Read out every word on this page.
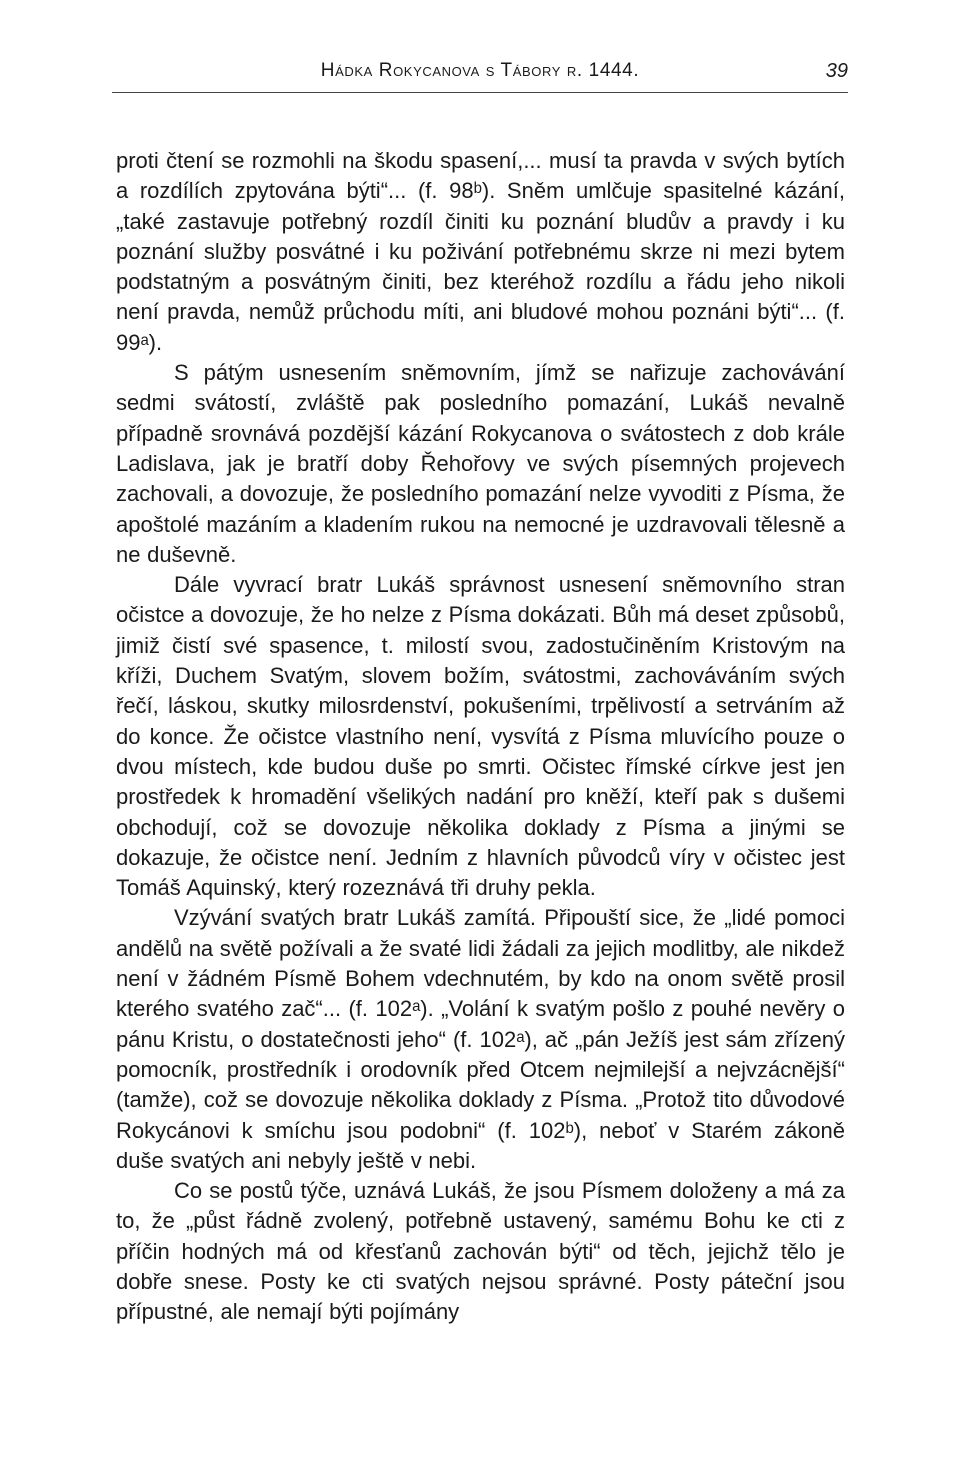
Hádka Rokycanova s Tábory r. 1444.	39

proti čtení se rozmohli na škodu spasení,... musí ta pravda v svých bytích a rozdílích zpytována býti“... (f. 98ᵇ). Sněm umlčuje spasitelné kázání, „také zastavuje potřebný rozdíl činiti ku poznání bludův a pravdy i ku poznání služby posvátné i ku poživání potřebnému skrze ni mezi bytem podstatným a posvátným činiti, bez kteréhož rozdílu a řádu jeho nikoli není pravda, nemůž průchodu míti, ani bludové mohou poznáni býti“... (f. 99ᵃ).

S pátým usnesením sněmovním, jímž se nařizuje zachovávání sedmi svátostí, zvláště pak posledního pomazání, Lukáš nevalně případně srovnává pozdější kázání Rokycanova o svátostech z dob krále Ladislava, jak je bratří doby Řehořovy ve svých písemných projevech zachovali, a dovozuje, že posledního pomazání nelze vyvoditi z Písma, že apoštolé mazáním a kladením rukou na nemocné je uzdravovali tělesně a ne duševně.

Dále vyvrací bratr Lukáš správnost usnesení sněmovního stran očistce a dovozuje, že ho nelze z Písma dokázati. Bůh má deset způsobů, jimiž čistí své spasence, t. milostí svou, zadostučiněním Kristovým na kříži, Duchem Svatým, slovem božím, svátostmi, zachováváním svých řečí, láskou, skutky milosrdenství, pokušeními, trpělivostí a setrváním až do konce. Že očistce vlastního není, vysvítá z Písma mluvícího pouze o dvou místech, kde budou duše po smrti. Očistec římské církve jest jen prostředek k hromadění všelikých nadání pro kněží, kteří pak s dušemi obchodují, což se dovozuje několika doklady z Písma a jinými se dokazuje, že očistce není. Jedním z hlavních původců víry v očistec jest Tomáš Aquinský, který rozeznává tři druhy pekla.

Vzývání svatých bratr Lukáš zamítá. Připouští sice, že „lidé pomoci andělů na světě požívali a že svaté lidi žádali za jejich modlitby, ale nikdež není v žádném Písmě Bohem vdechnutém, by kdo na onom světě prosil kterého svatého zač“... (f. 102ᵃ). „Volání k svatým pošlo z pouhé nevěry o pánu Kristu, o dostatečnosti jeho“ (f. 102ᵃ), ač „pán Ježíš jest sám zřízený pomocník, prostředník i orodovník před Otcem nejmilejší a nejvzácnější“ (tamže), což se dovozuje několika doklady z Písma. „Protož tito důvodové Rokycánovi k smíchu jsou podobni“ (f. 102ᵇ), neboť v Starém zákoně duše svatých ani nebyly ještě v nebi.

Co se postů týče, uznává Lukáš, že jsou Písmem doloženy a má za to, že „půst řádně zvolený, potřebně ustavený, samému Bohu ke cti z příčin hodných má od křesťanů zachován býti“ od těch, jejichž tělo je dobře snese. Posty ke cti svatých nejsou správné. Posty páteční jsou přípustné, ale nemají býti pojímány
